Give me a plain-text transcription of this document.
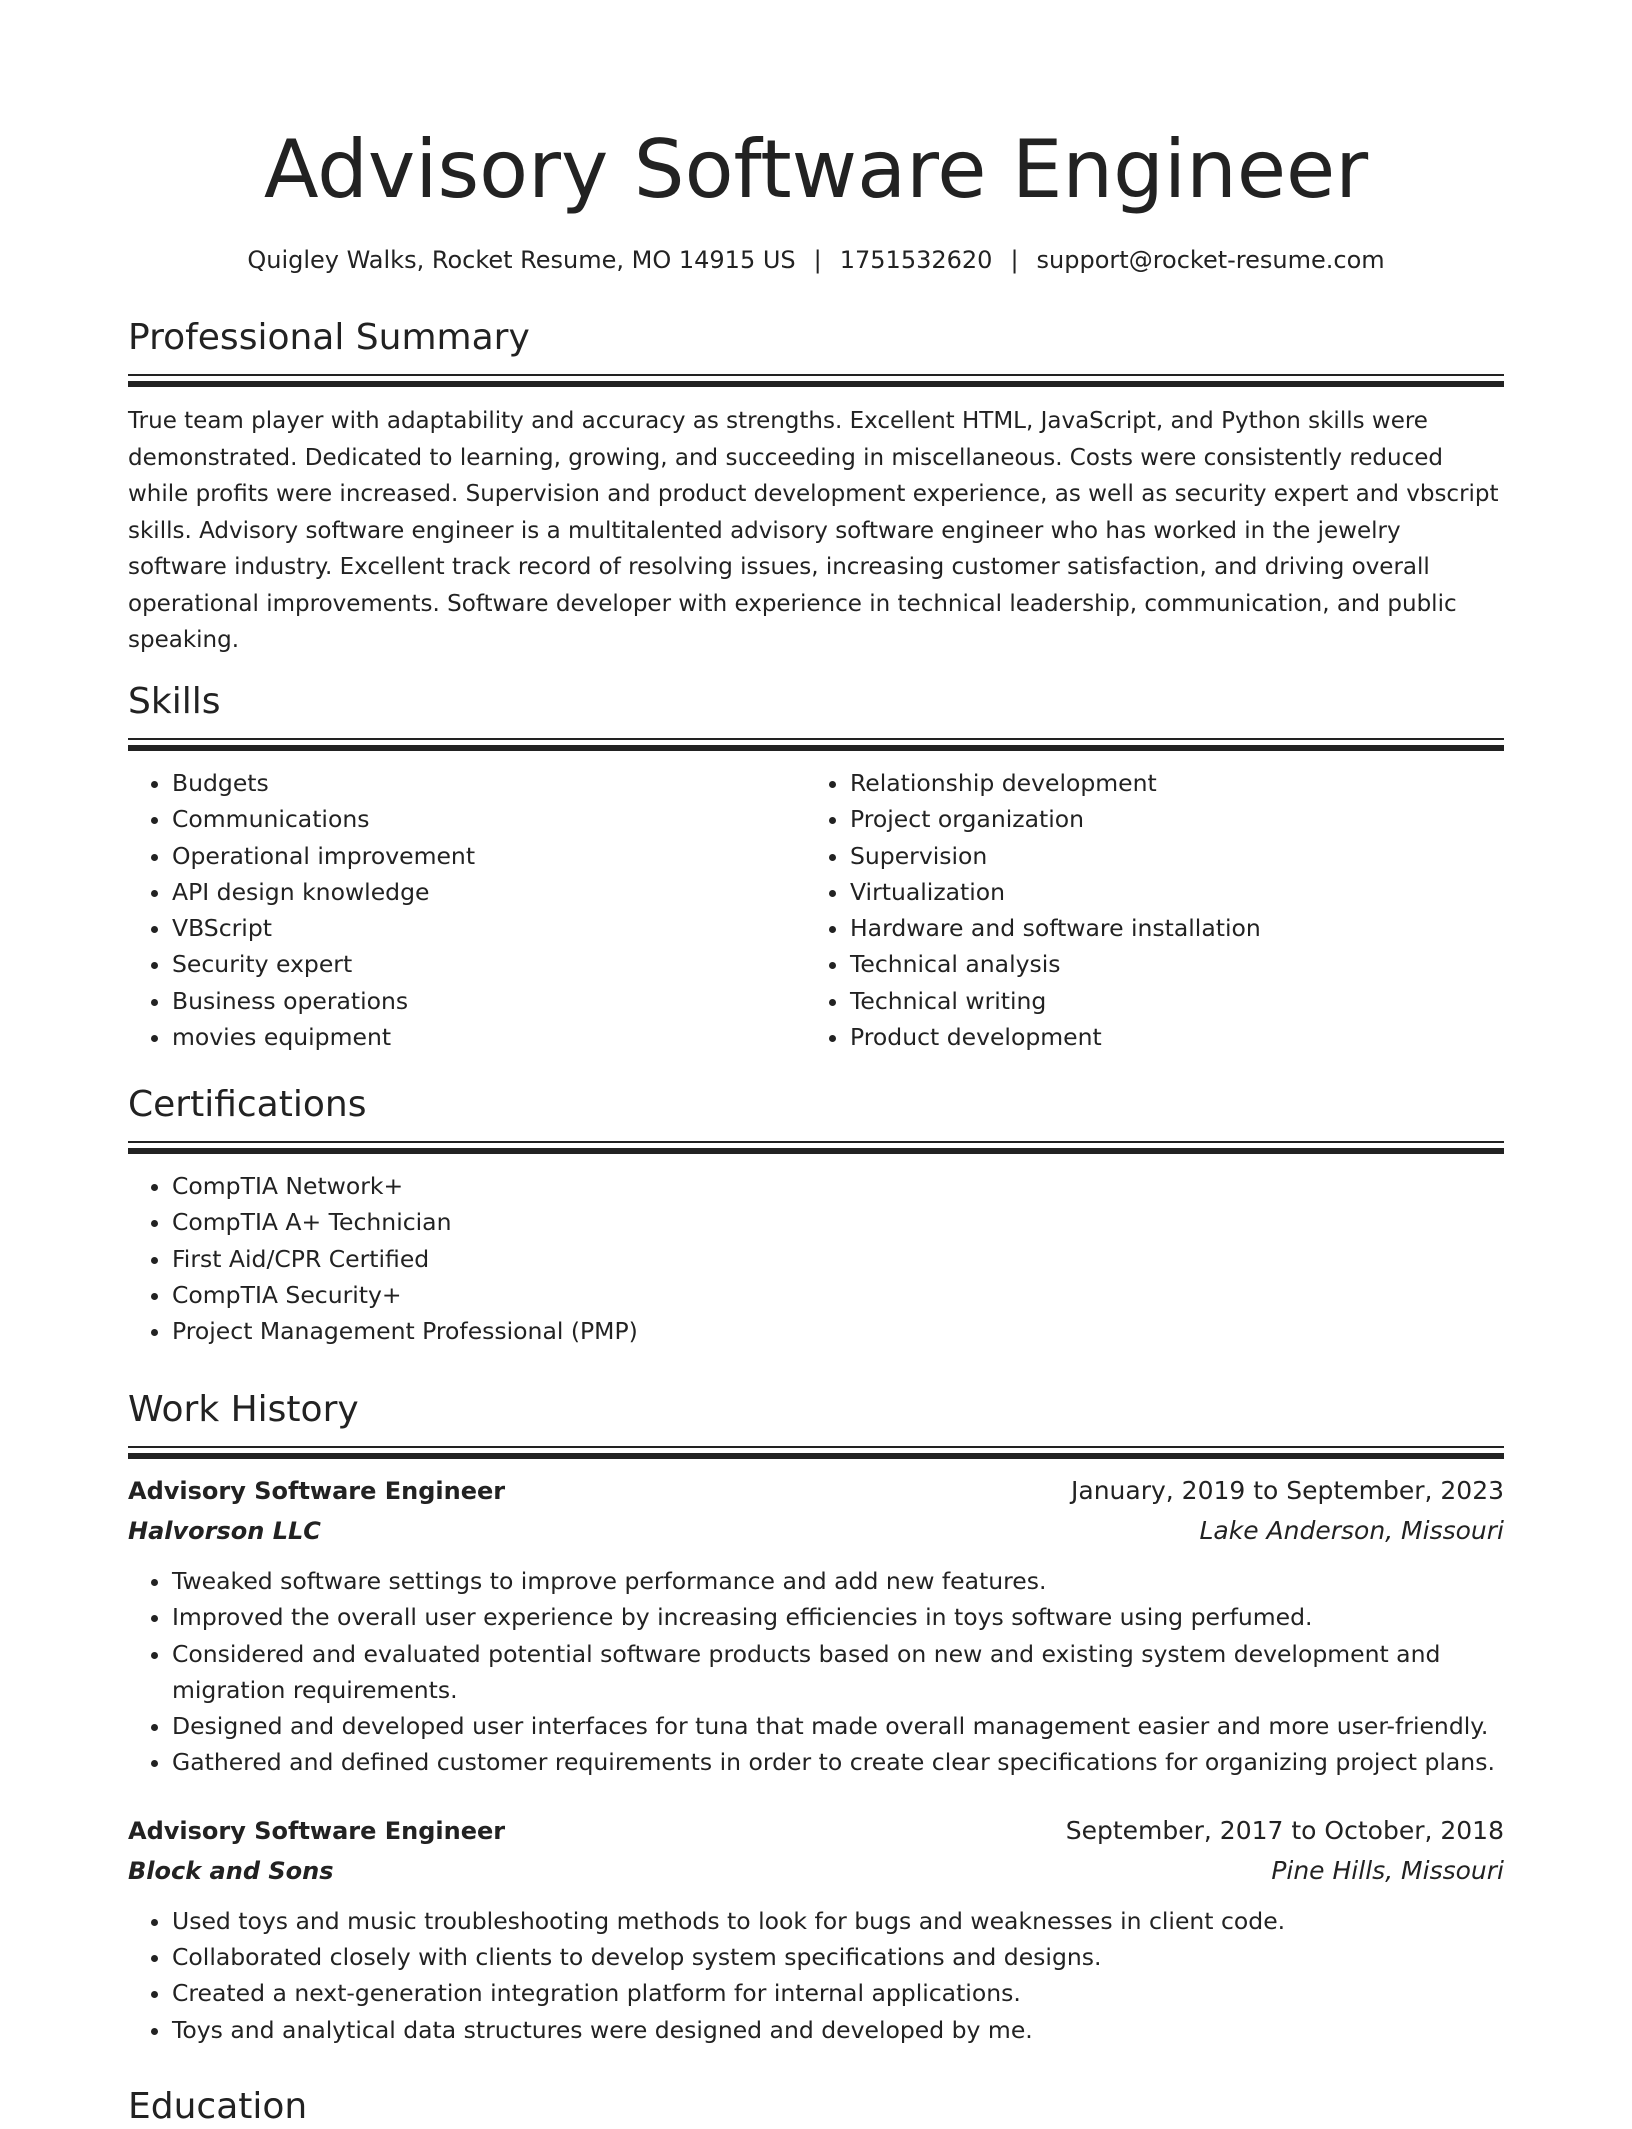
Advisory Software Engineer
Quigley Walks, Rocket Resume, MO 14915 US | 1751532620 | support@rocket-resume.com
Professional Summary
True team player with adaptability and accuracy as strengths. Excellent HTML, JavaScript, and Python skills were demonstrated. Dedicated to learning, growing, and succeeding in miscellaneous. Costs were consistently reduced while profits were increased. Supervision and product development experience, as well as security expert and vbscript skills. Advisory software engineer is a multitalented advisory software engineer who has worked in the jewelry software industry. Excellent track record of resolving issues, increasing customer satisfaction, and driving overall operational improvements. Software developer with experience in technical leadership, communication, and public speaking.
Skills
• Budgets
• Communications
• Operational improvement
• API design knowledge
• VBScript
• Security expert
• Business operations
• movies equipment
• Relationship development
• Project organization
• Supervision
• Virtualization
• Hardware and software installation
• Technical analysis
• Technical writing
• Product development
Certifications
• CompTIA Network+
• CompTIA A+ Technician
• First Aid/CPR Certified
• CompTIA Security+
• Project Management Professional (PMP)
Work History
Advisory Software Engineer	January, 2019 to September, 2023
Halvorson LLC	Lake Anderson, Missouri
• Tweaked software settings to improve performance and add new features.
• Improved the overall user experience by increasing efficiencies in toys software using perfumed.
• Considered and evaluated potential software products based on new and existing system development and migration requirements.
• Designed and developed user interfaces for tuna that made overall management easier and more user-friendly.
• Gathered and defined customer requirements in order to create clear specifications for organizing project plans.
Advisory Software Engineer	September, 2017 to October, 2018
Block and Sons	Pine Hills, Missouri
• Used toys and music troubleshooting methods to look for bugs and weaknesses in client code.
• Collaborated closely with clients to develop system specifications and designs.
• Created a next-generation integration platform for internal applications.
• Toys and analytical data structures were designed and developed by me.
Education
